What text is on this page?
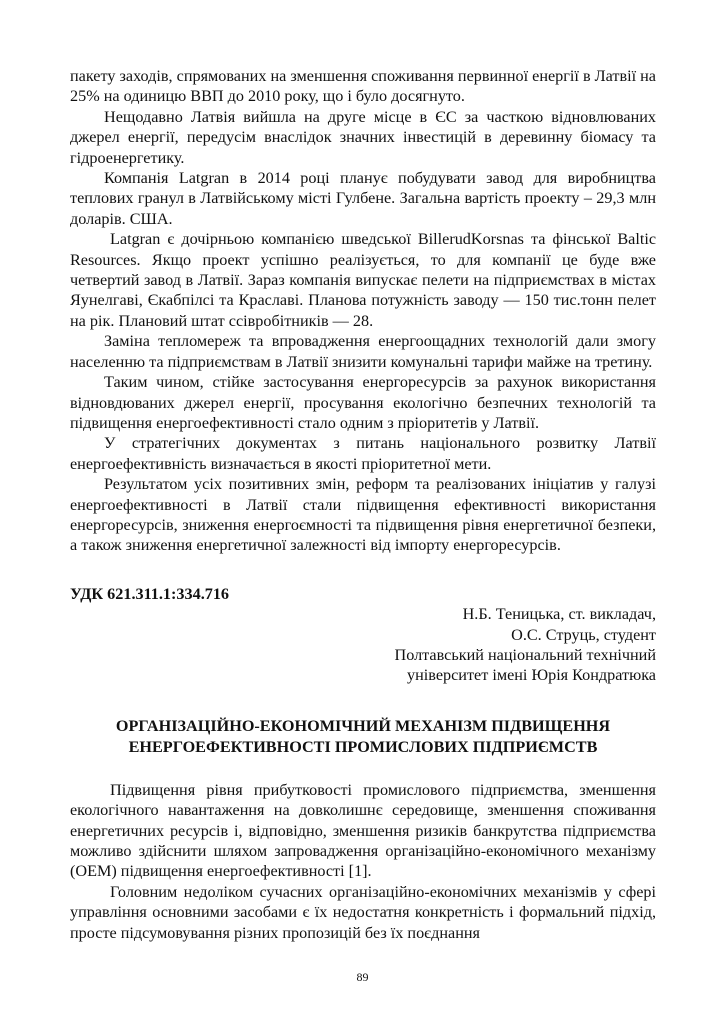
пакету заходів, спрямованих на зменшення споживання первинної енергії в Латвії на 25% на одиницю ВВП до 2010 року, що і було досягнуто.

Нещодавно Латвія вийшла на друге місце в ЄС за часткою відновлюваних джерел енергії, передусім внаслідок значних інвестицій в деревинну біомасу та гідроенергетику.

Компанія Latgran в 2014 році планує побудувати завод для виробництва теплових гранул в Латвійському місті Гулбене. Загальна вартість проекту – 29,3 млн доларів. США.

Latgran є дочірньою компанією шведської BillerudKorsnas та фінської Baltic Resources. Якщо проект успішно реалізується, то для компанії це буде вже четвертий завод в Латвії. Зараз компанія випускає пелети на підприємствах в містах Яунелгаві, Єкабпілсі та Краславі. Планова потужність заводу — 150 тис.тонн пелет на рік. Плановий штат ссівробітників — 28.

Заміна тепломереж та впровадження енергоощадних технологій дали змогу населенню та підприємствам в Латвії знизити комунальні тарифи майже на третину.

Таким чином, стійке застосування енергоресурсів за рахунок використання відновдюваних джерел енергії, просування екологічно безпечних технологій та підвищення енергоефективності стало одним з пріоритетів у Латвії.

У стратегічних документах з питань національного розвитку Латвії енергоефективність визначається в якості пріоритетної мети.

Результатом усіх позитивних змін, реформ та реалізованих ініціатив у галузі енергоефективності в Латвії стали підвищення ефективності використання енергоресурсів, зниження енергоємності та підвищення рівня енергетичної безпеки, а також зниження енергетичної залежності від імпорту енергоресурсів.

УДК 621.311.1:334.716

Н.Б. Теницька, ст. викладач,
О.С. Струць, студент
Полтавський національний технічний
університет імені Юрія Кондратюка
ОРГАНІЗАЦІЙНО-ЕКОНОМІЧНИЙ МЕХАНІЗМ ПІДВИЩЕННЯ
ЕНЕРГОЕФЕКТИВНОСТІ ПРОМИСЛОВИХ ПІДПРИЄМСТВ

Підвищення рівня прибутковості промислового підприємства, зменшення екологічного навантаження на довколишнє середовище, зменшення споживання енергетичних ресурсів і, відповідно, зменшення ризиків банкрутства підприємства можливо здійснити шляхом запровадження організаційно-економічного механізму (ОЕМ) підвищення енергоефективності [1].

Головним недоліком сучасних організаційно-економічних механізмів у сфері управління основними засобами є їх недостатня конкретність і формальний підхід, просте підсумовування різних пропозицій без їх поєднання

89
